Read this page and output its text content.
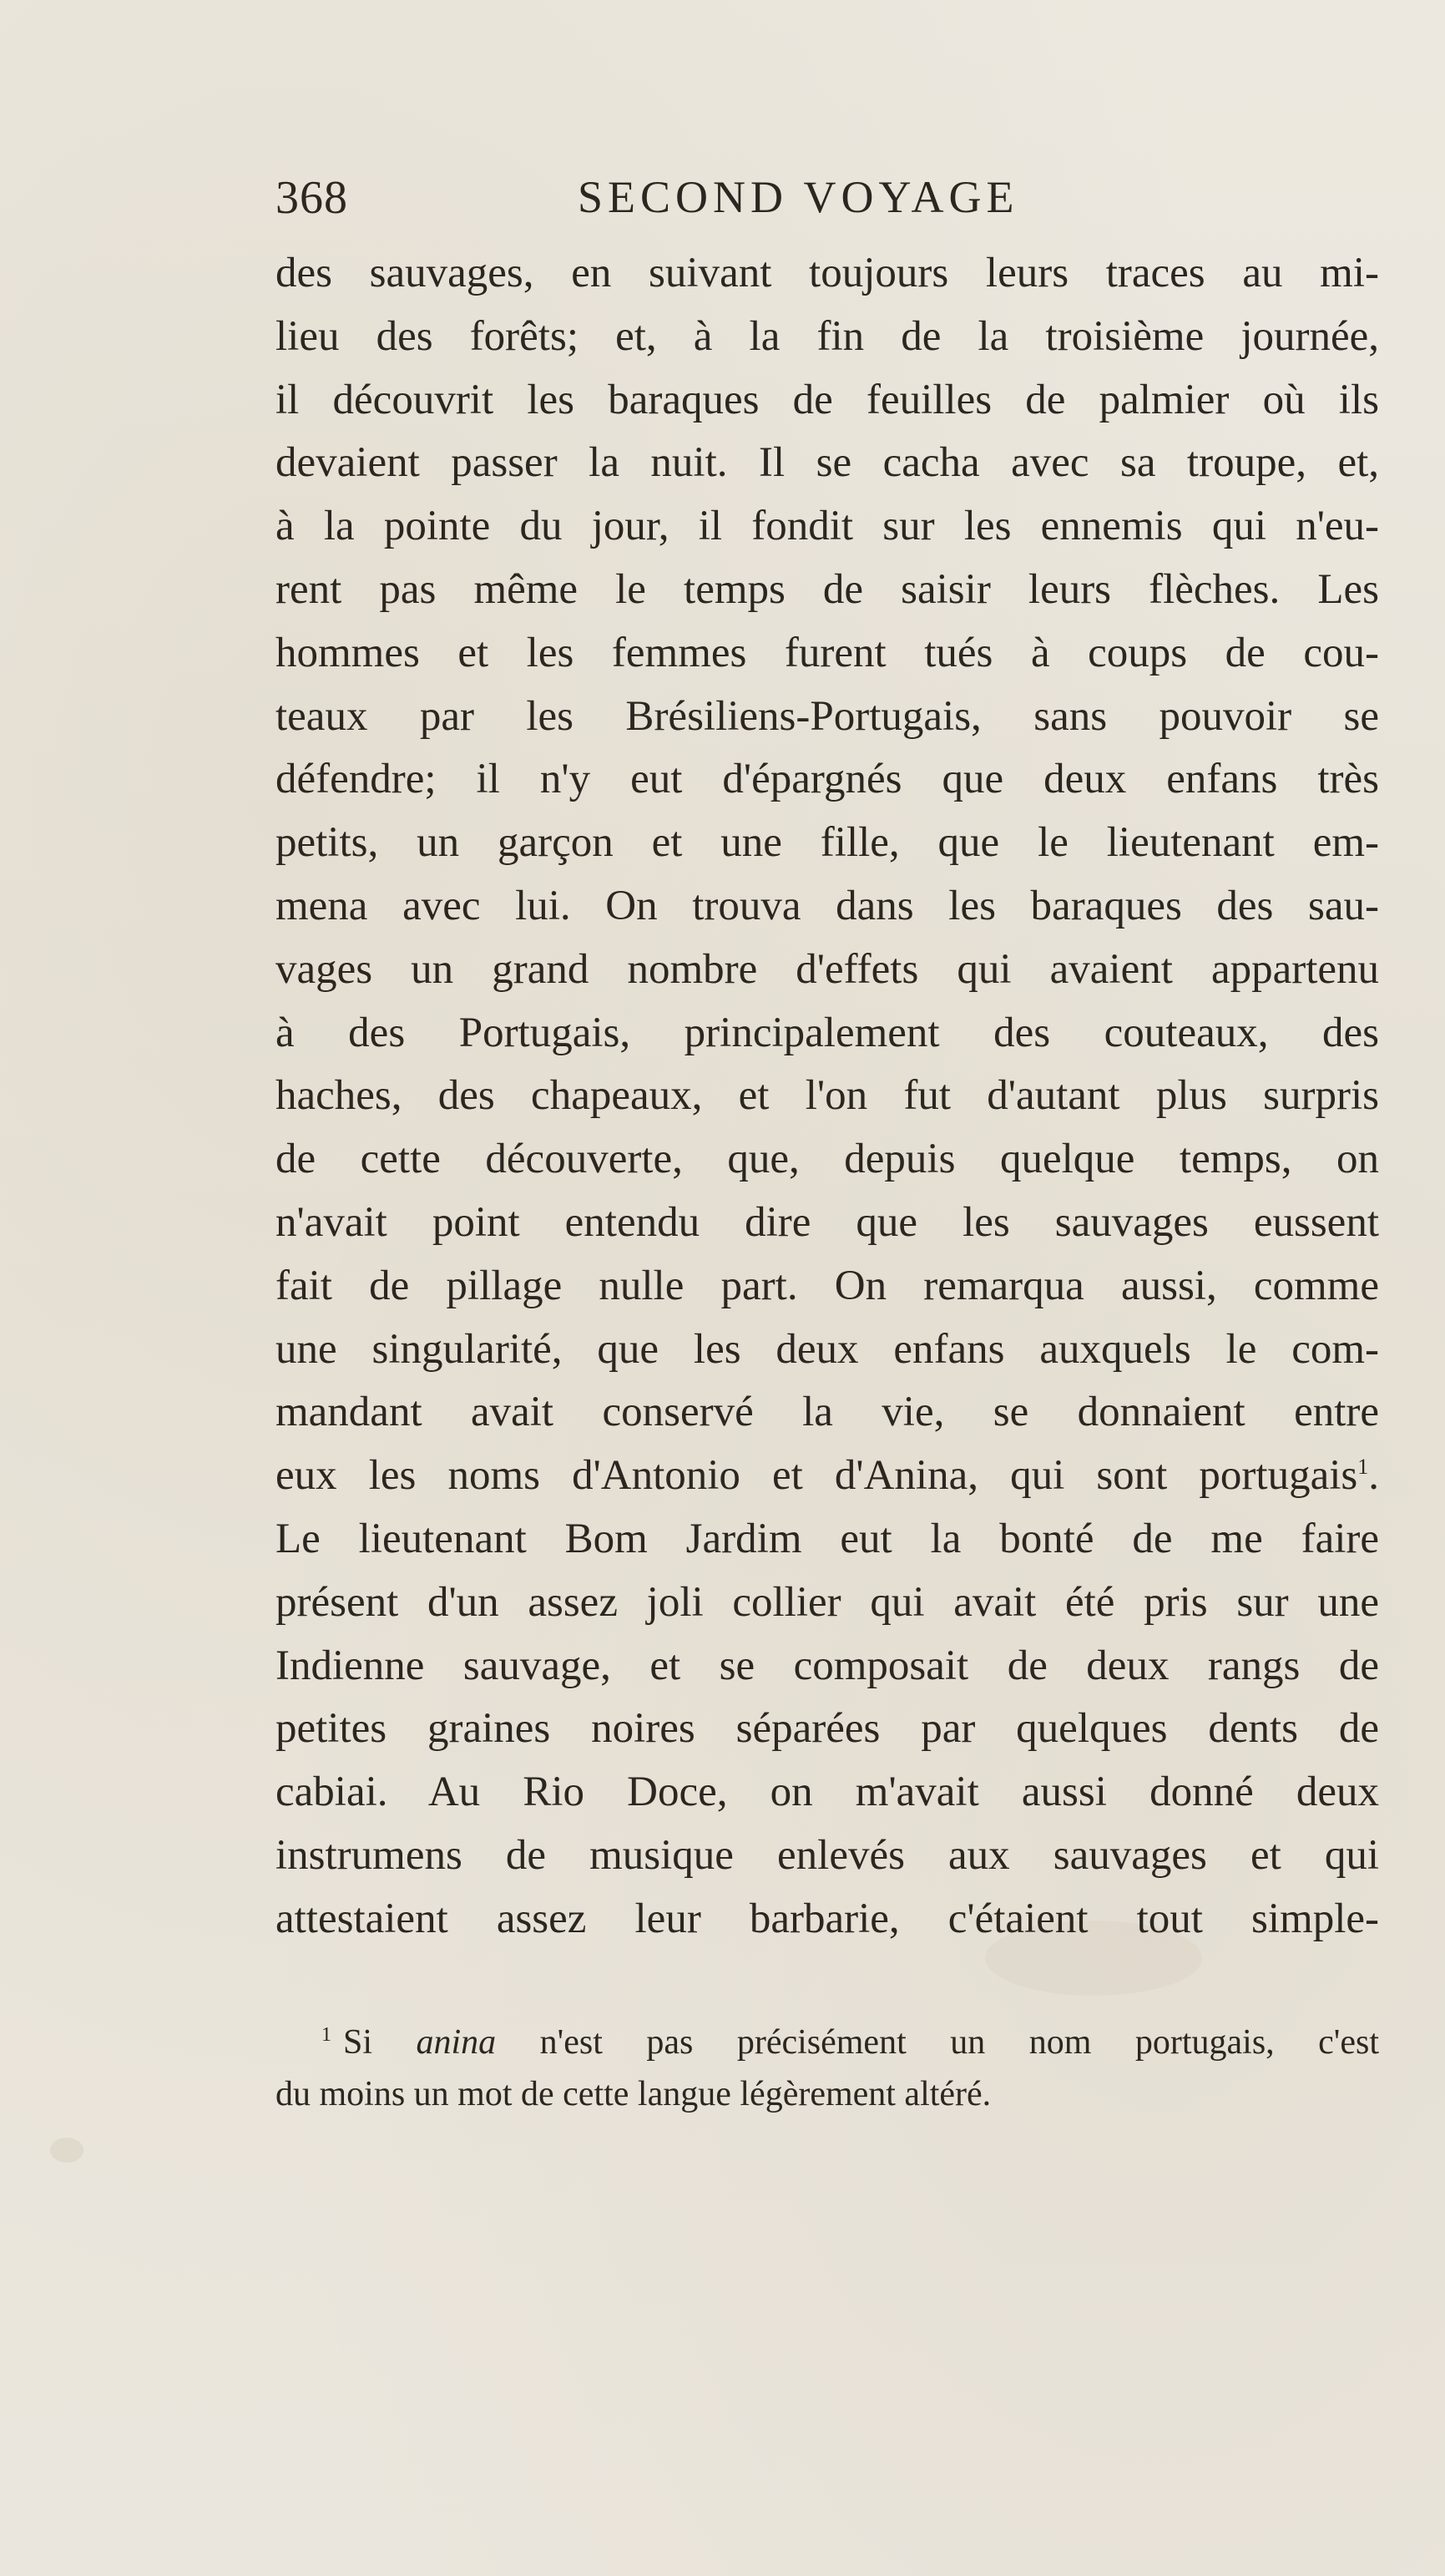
368	SECOND VOYAGE
des sauvages, en suivant toujours leurs traces au mi-
lieu des forêts; et, à la fin de la troisième journée,
il découvrit les baraques de feuilles de palmier où ils
devaient passer la nuit. Il se cacha avec sa troupe, et,
à la pointe du jour, il fondit sur les ennemis qui n'eu-
rent pas même le temps de saisir leurs flèches. Les
hommes et les femmes furent tués à coups de cou-
teaux par les Brésiliens-Portugais, sans pouvoir se
défendre; il n'y eut d'épargnés que deux enfans très
petits, un garçon et une fille, que le lieutenant em-
mena avec lui. On trouva dans les baraques des sau-
vages un grand nombre d'effets qui avaient appartenu
à des Portugais, principalement des couteaux, des
haches, des chapeaux, et l'on fut d'autant plus surpris
de cette découverte, que, depuis quelque temps, on
n'avait point entendu dire que les sauvages eussent
fait de pillage nulle part. On remarqua aussi, comme
une singularité, que les deux enfans auxquels le com-
mandant avait conservé la vie, se donnaient entre
eux les noms d'Antonio et d'Anina, qui sont portugais$^1$.
Le lieutenant Bom Jardim eut la bonté de me faire
présent d'un assez joli collier qui avait été pris sur une
Indienne sauvage, et se composait de deux rangs de
petites graines noires séparées par quelques dents de
cabiai. Au Rio Doce, on m'avait aussi donné deux
instrumens de musique enlevés aux sauvages et qui
attestaient assez leur barbarie, c'étaient tout simple-
$^1$ Si anina n'est pas précisément un nom portugais, c'est
du moins un mot de cette langue légèrement altéré.
